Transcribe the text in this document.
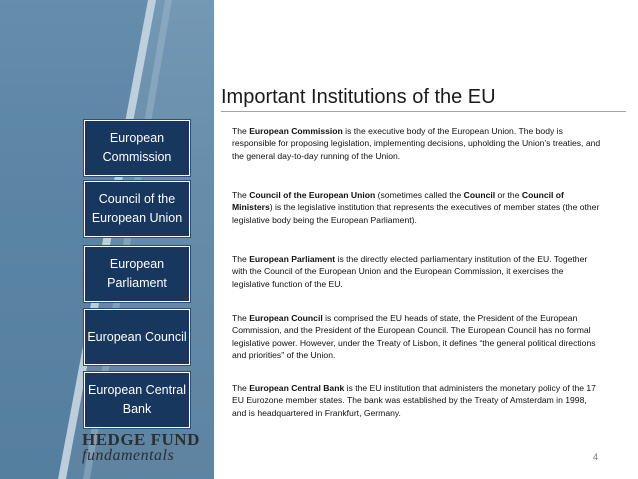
European Commission
Council of the European Union
European Parliament
European Council
European Central Bank
HEDGE FUND
fundamentals
Important Institutions of the EU

The European Commission is the executive body of the European Union. The body is responsible for proposing legislation, implementing decisions, upholding the Union’s treaties, and the general day-to-day running of the Union.

The Council of the European Union (sometimes called the Council or the Council of Ministers) is the legislative institution that represents the executives of member states (the other legislative body being the European Parliament).

The European Parliament is the directly elected parliamentary institution of the EU. Together with the Council of the European Union and the European Commission, it exercises the legislative function of the EU.

The European Council is comprised the EU heads of state, the President of the European Commission, and the President of the European Council. The European Council has no formal legislative power. However, under the Treaty of Lisbon, it defines “the general political directions and priorities" of the Union.

The European Central Bank is the EU institution that administers the monetary policy of the 17 EU Eurozone member states. The bank was established by the Treaty of Amsterdam in 1998, and is headquartered in Frankfurt, Germany.

4
